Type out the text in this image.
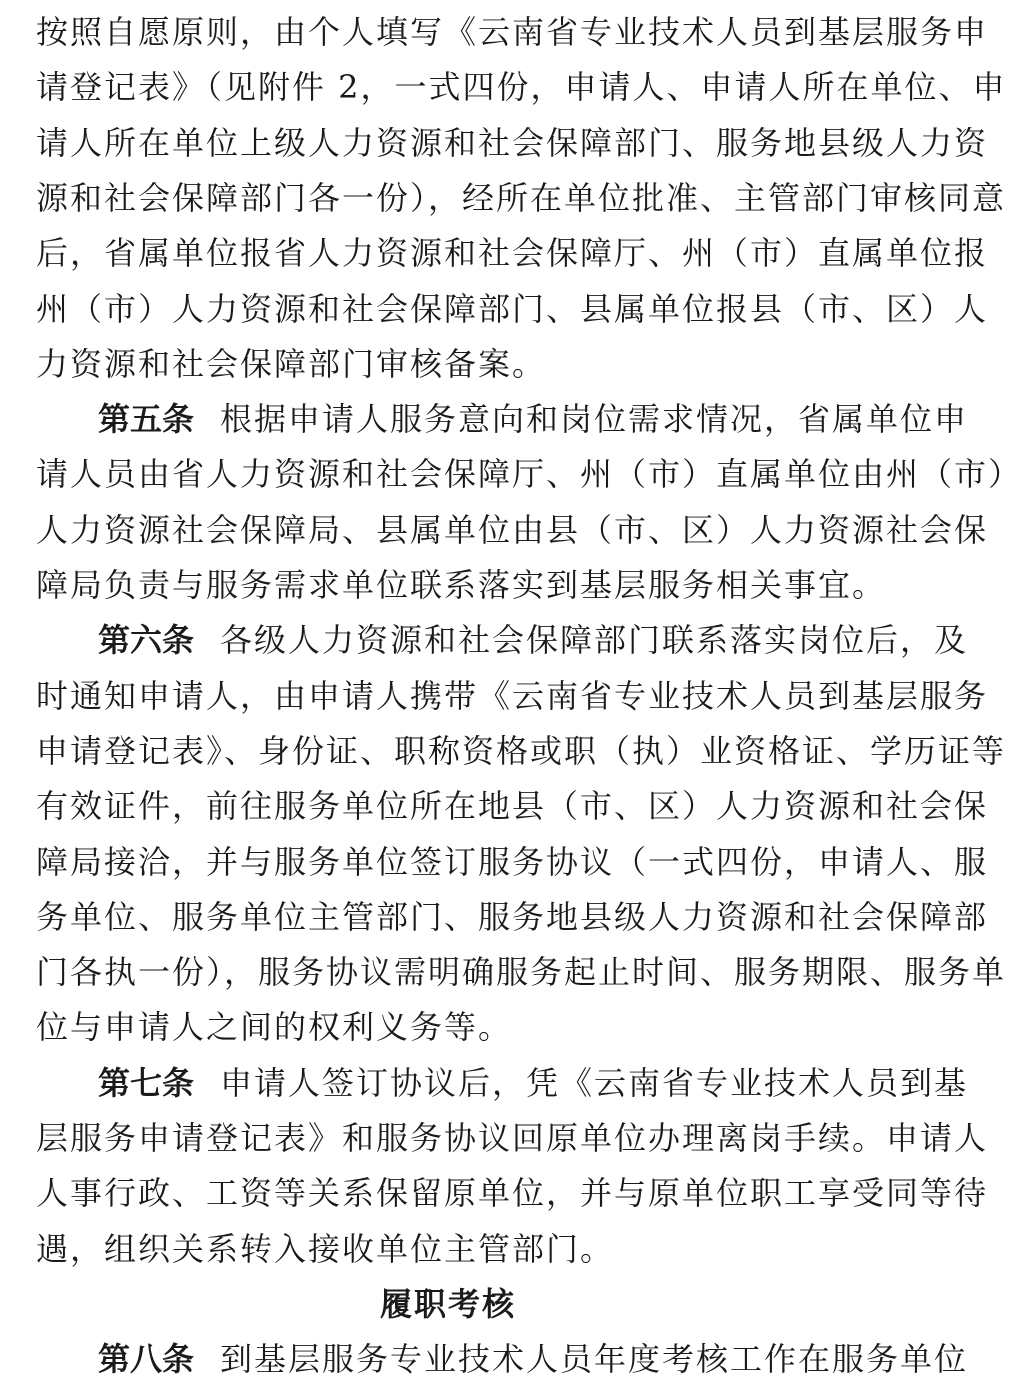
按照自愿原则，由个人填写《云南省专业技术人员到基层服务申
请登记表》（见附件 2，一式四份，申请人、申请人所在单位、申
请人所在单位上级人力资源和社会保障部门、服务地县级人力资
源和社会保障部门各一份），经所在单位批准、主管部门审核同意
后，省属单位报省人力资源和社会保障厅、州（市）直属单位报
州（市）人力资源和社会保障部门、县属单位报县（市、区）人
力资源和社会保障部门审核备案。
第五条 根据申请人服务意向和岗位需求情况，省属单位申
请人员由省人力资源和社会保障厅、州（市）直属单位由州（市）
人力资源社会保障局、县属单位由县（市、区）人力资源社会保
障局负责与服务需求单位联系落实到基层服务相关事宜。
第六条 各级人力资源和社会保障部门联系落实岗位后，及
时通知申请人，由申请人携带《云南省专业技术人员到基层服务
申请登记表》、身份证、职称资格或职（执）业资格证、学历证等
有效证件，前往服务单位所在地县（市、区）人力资源和社会保
障局接洽，并与服务单位签订服务协议（一式四份，申请人、服
务单位、服务单位主管部门、服务地县级人力资源和社会保障部
门各执一份），服务协议需明确服务起止时间、服务期限、服务单
位与申请人之间的权利义务等。
第七条 申请人签订协议后，凭《云南省专业技术人员到基
层服务申请登记表》和服务协议回原单位办理离岗手续。申请人
人事行政、工资等关系保留原单位，并与原单位职工享受同等待
遇，组织关系转入接收单位主管部门。
履职考核
第八条 到基层服务专业技术人员年度考核工作在服务单位
